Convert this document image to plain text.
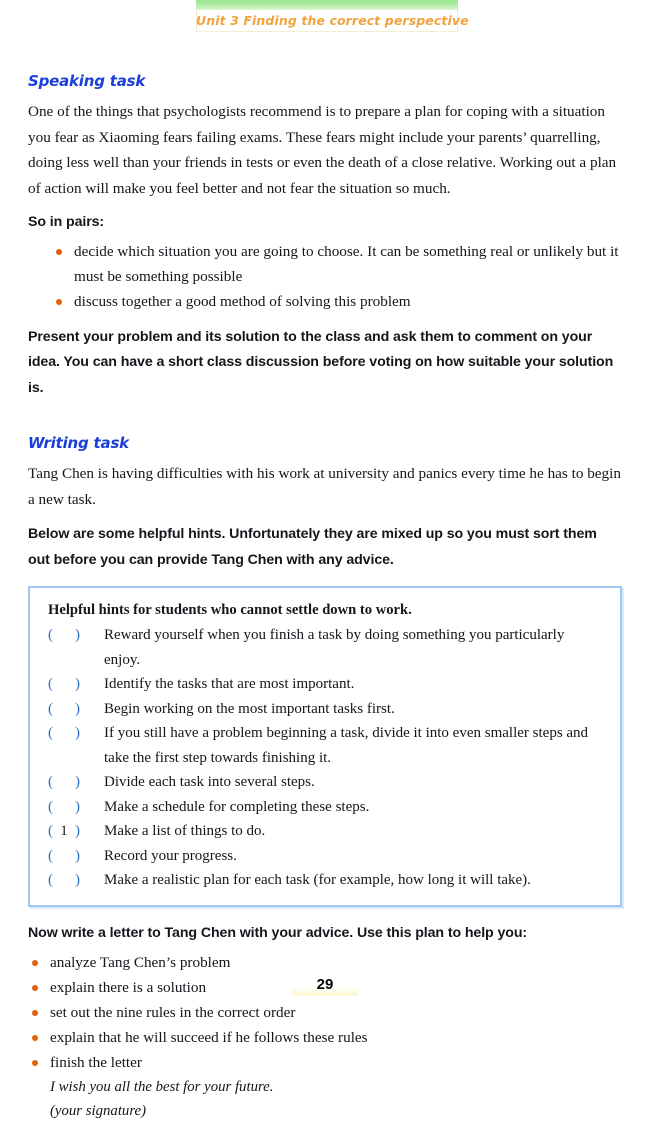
Unit 3 Finding the correct perspective
Speaking task

One of the things that psychologists recommend is to prepare a plan for coping with a situation you fear as Xiaoming fears failing exams. These fears might include your parents’ quarrelling, doing less well than your friends in tests or even the death of a close relative. Working out a plan of action will make you feel better and not fear the situation so much.

So in pairs:

decide which situation you are going to choose. It can be something real or unlikely but it must be something possible
discuss together a good method of solving this problem

Present your problem and its solution to the class and ask them to comment on your idea. You can have a short class discussion before voting on how suitable your solution is.

Writing task

Tang Chen is having difficulties with his work at university and panics every time he has to begin a new task.

Below are some helpful hints. Unfortunately they are mixed up so you must sort them out before you can provide Tang Chen with any advice.

Helpful hints for students who cannot settle down to work.

(
) Reward yourself when you finish a task by doing something you particularly enjoy.
(
) Identify the tasks that are most important.
(
) Begin working on the most important tasks first.
(
) If you still have a problem beginning a task, divide it into even smaller steps and take the first step towards finishing it.
(
) Divide each task into several steps.
(
) Make a schedule for completing these steps.
( 1 ) Make a list of things to do.
(
) Record your progress.
(
) Make a realistic plan for each task (for example, how long it will take).

Now write a letter to Tang Chen with your advice. Use this plan to help you:

analyze Tang Chen’s problem
explain there is a solution
set out the nine rules in the correct order
explain that he will succeed if he follows these rules
finish the letter
I wish you all the best for your future.
(your signature)
29
